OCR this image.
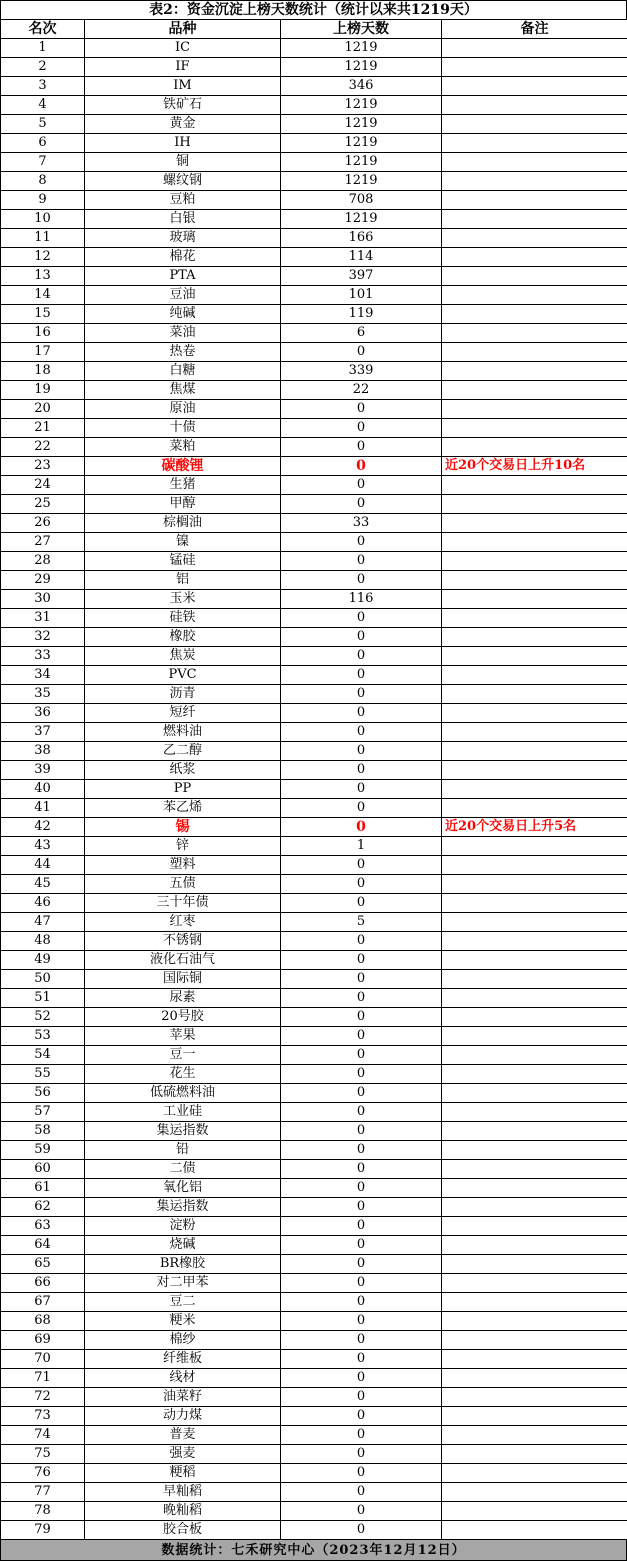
表2：资金沉淀上榜天数统计（统计以来共1219天）
名次	品种	上榜天数	备注
1	IC	1219	
2	IF	1219	
3	IM	346	
4	铁矿石	1219	
5	黄金	1219	
6	IH	1219	
7	铜	1219	
8	螺纹钢	1219	
9	豆粕	708	
10	白银	1219	
11	玻璃	166	
12	棉花	114	
13	PTA	397	
14	豆油	101	
15	纯碱	119	
16	菜油	6	
17	热卷	0	
18	白糖	339	
19	焦煤	22	
20	原油	0	
21	十债	0	
22	菜粕	0	
23	碳酸锂	0	近20个交易日上升10名
24	生猪	0	
25	甲醇	0	
26	棕榈油	33	
27	镍	0	
28	锰硅	0	
29	铝	0	
30	玉米	116	
31	硅铁	0	
32	橡胶	0	
33	焦炭	0	
34	PVC	0	
35	沥青	0	
36	短纤	0	
37	燃料油	0	
38	乙二醇	0	
39	纸浆	0	
40	PP	0	
41	苯乙烯	0	
42	锡	0	近20个交易日上升5名
43	锌	1	
44	塑料	0	
45	五债	0	
46	三十年债	0	
47	红枣	5	
48	不锈钢	0	
49	液化石油气	0	
50	国际铜	0	
51	尿素	0	
52	20号胶	0	
53	苹果	0	
54	豆一	0	
55	花生	0	
56	低硫燃料油	0	
57	工业硅	0	
58	集运指数	0	
59	铅	0	
60	二债	0	
61	氧化铝	0	
62	集运指数	0	
63	淀粉	0	
64	烧碱	0	
65	BR橡胶	0	
66	对二甲苯	0	
67	豆二	0	
68	粳米	0	
69	棉纱	0	
70	纤维板	0	
71	线材	0	
72	油菜籽	0	
73	动力煤	0	
74	普麦	0	
75	强麦	0	
76	粳稻	0	
77	早籼稻	0	
78	晚籼稻	0	
79	胶合板	0	
数据统计：七禾研究中心（2023年12月12日）
